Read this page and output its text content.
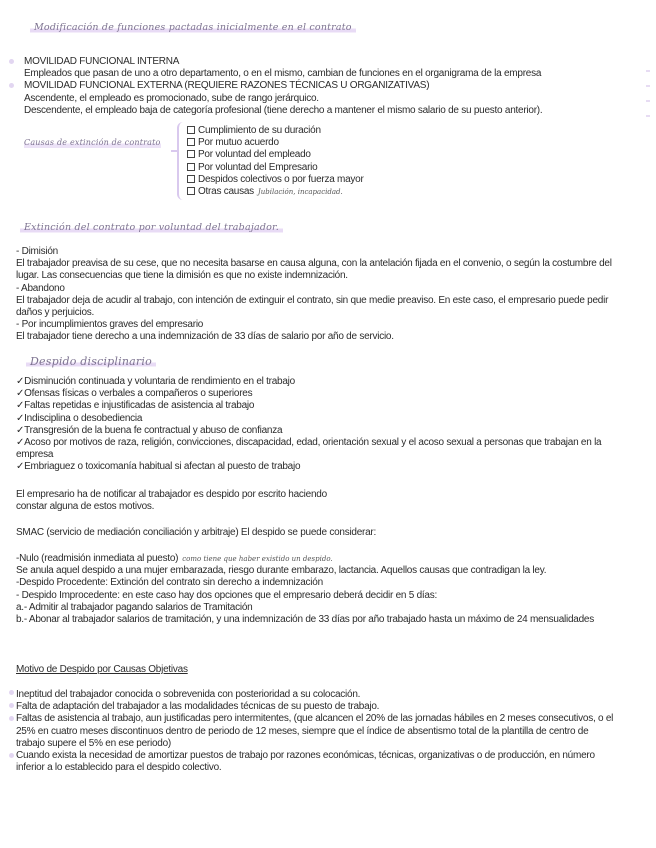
Modificación de funciones pactadas inicialmente en el contrato
MOVILIDAD FUNCIONAL INTERNA
Empleados que pasan de uno a otro departamento, o en el mismo, cambian de funciones en el organigrama de la empresa
MOVILIDAD FUNCIONAL EXTERNA (REQUIERE RAZONES TÉCNICAS U ORGANIZATIVAS)
Ascendente, el empleado es promocionado, sube de rango jerárquico.
Descendente, el empleado baja de categoría profesional (tiene derecho a mantener el mismo salario de su puesto anterior).
Causas de extinción de contrato
Cumplimiento de su duración
Por mutuo acuerdo
Por voluntad del empleado
Por voluntad del Empresario
Despidos colectivos o por fuerza mayor
Otras causas Jubilación, incapacidad.
Extinción del contrato por voluntad del trabajador.
- Dimisión
El trabajador preavisa de su cese, que no necesita basarse en causa alguna, con la antelación fijada en el convenio, o según la costumbre del lugar. Las consecuencias que tiene la dimisión es que no existe indemnización.
- Abandono
El trabajador deja de acudir al trabajo, con intención de extinguir el contrato, sin que medie preaviso. En este caso, el empresario puede pedir daños y perjuicios.
- Por incumplimientos graves del empresario
El trabajador tiene derecho a una indemnización de 33 días de salario por año de servicio.
Despido disciplinario
✓Disminución continuada y voluntaria de rendimiento en el trabajo
✓Ofensas físicas o verbales a compañeros o superiores
✓Faltas repetidas e injustificadas de asistencia al trabajo
✓Indisciplina o desobediencia
✓Transgresión de la buena fe contractual y abuso de confianza
✓Acoso por motivos de raza, religión, convicciones, discapacidad, edad, orientación sexual y el acoso sexual a personas que trabajan en la empresa
✓Embriaguez o toxicomanía habitual si afectan al puesto de trabajo
El empresario ha de notificar al trabajador es despido por escrito haciendo constar alguna de estos motivos.
SMAC (servicio de mediación conciliación y arbitraje) El despido se puede considerar:
-Nulo (readmisión inmediata al puesto) como tiene que haber existido un despido.
Se anula aquel despido a una mujer embarazada, riesgo durante embarazo, lactancia. Aquellos causas que contradigan la ley.
-Despido Procedente: Extinción del contrato sin derecho a indemnización
- Despido Improcedente: en este caso hay dos opciones que el empresario deberá decidir en 5 días:
a.- Admitir al trabajador pagando salarios de Tramitación
b.- Abonar al trabajador salarios de tramitación, y una indemnización de 33 días por año trabajado hasta un máximo de 24 mensualidades
Motivo de Despido por Causas Objetivas
Ineptitud del trabajador conocida o sobrevenida con posterioridad a su colocación.
Falta de adaptación del trabajador a las modalidades técnicas de su puesto de trabajo.
Faltas de asistencia al trabajo, aun justificadas pero intermitentes, (que alcancen el 20% de las jornadas hábiles en 2 meses consecutivos, o el 25% en cuatro meses discontinuos dentro de periodo de 12 meses, siempre que el índice de absentismo total de la plantilla de centro de trabajo supere el 5% en ese periodo)
Cuando exista la necesidad de amortizar puestos de trabajo por razones económicas, técnicas, organizativas o de producción, en número inferior a lo establecido para el despido colectivo.
